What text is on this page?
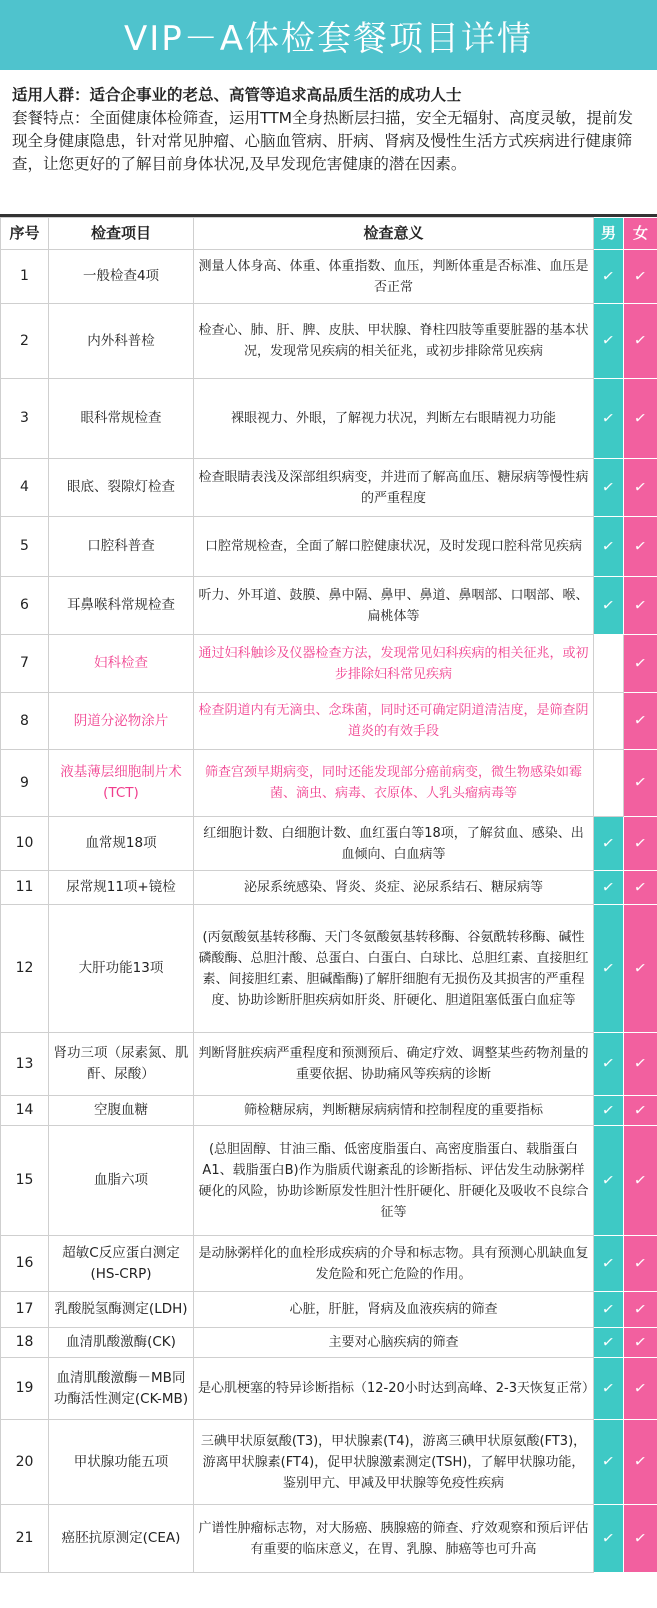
VIP－A体检套餐项目详情
适用人群：适合企事业的老总、高管等追求高品质生活的成功人士
套餐特点：全面健康体检筛查，运用TTM全身热断层扫描，安全无辐射、高度灵敏，提前发现全身健康隐患，针对常见肿瘤、心脑血管病、肝病、肾病及慢性生活方式疾病进行健康筛查，让您更好的了解目前身体状况,及早发现危害健康的潜在因素。
序号	检查项目	检查意义	男	女
1	一般检查4项	测量人体身高、体重、体重指数、血压，判断体重是否标准、血压是否正常	✓	✓
2	内外科普检	检查心、肺、肝、脾、皮肤、甲状腺、脊柱四肢等重要脏器的基本状况，发现常见疾病的相关征兆，或初步排除常见疾病	✓	✓
3	眼科常规检查	裸眼视力、外眼，了解视力状况，判断左右眼睛视力功能	✓	✓
4	眼底、裂隙灯检查	检查眼睛表浅及深部组织病变，并进而了解高血压、糖尿病等慢性病的严重程度	✓	✓
5	口腔科普查	口腔常规检查，全面了解口腔健康状况，及时发现口腔科常见疾病	✓	✓
6	耳鼻喉科常规检查	听力、外耳道、鼓膜、鼻中隔、鼻甲、鼻道、鼻咽部、口咽部、喉、扁桃体等	✓	✓
7	妇科检查	通过妇科触诊及仪器检查方法，发现常见妇科疾病的相关征兆，或初步排除妇科常见疾病		✓
8	阴道分泌物涂片	检查阴道内有无滴虫、念珠菌，同时还可确定阴道清洁度，是筛查阴道炎的有效手段		✓
9	液基薄层细胞制片术(TCT)	筛查宫颈早期病变，同时还能发现部分癌前病变，微生物感染如霉菌、滴虫、病毒、衣原体、人乳头瘤病毒等		✓
10	血常规18项	红细胞计数、白细胞计数、血红蛋白等18项，了解贫血、感染、出血倾向、白血病等	✓	✓
11	尿常规11项+镜检	泌尿系统感染、肾炎、炎症、泌尿系结石、糖尿病等	✓	✓
12	大肝功能13项	(丙氨酸氨基转移酶、天门冬氨酸氨基转移酶、谷氨酰转移酶、碱性磷酸酶、总胆汁酸、总蛋白、白蛋白、白球比、总胆红素、直接胆红素、间接胆红素、胆碱酯酶)了解肝细胞有无损伤及其损害的严重程度、协助诊断肝胆疾病如肝炎、肝硬化、胆道阻塞低蛋白血症等	✓	✓
13	肾功三项（尿素氮、肌酐、尿酸）	判断肾脏疾病严重程度和预测预后、确定疗效、调整某些药物剂量的重要依据、协助痛风等疾病的诊断	✓	✓
14	空腹血糖	筛检糖尿病，判断糖尿病病情和控制程度的重要指标	✓	✓
15	血脂六项	(总胆固醇、甘油三酯、低密度脂蛋白、高密度脂蛋白、载脂蛋白A1、载脂蛋白B)作为脂质代谢紊乱的诊断指标、评估发生动脉粥样硬化的风险，协助诊断原发性胆汁性肝硬化、肝硬化及吸收不良综合征等	✓	✓
16	超敏C反应蛋白测定(HS-CRP)	是动脉粥样化的血栓形成疾病的介导和标志物。具有预测心肌缺血复发危险和死亡危险的作用。	✓	✓
17	乳酸脱氢酶测定(LDH)	心脏，肝脏，肾病及血液疾病的筛查	✓	✓
18	血清肌酸激酶(CK)	主要对心脑疾病的筛查	✓	✓
19	血清肌酸激酶－MB同功酶活性测定(CK-MB)	是心肌梗塞的特异诊断指标（12-20小时达到高峰、2-3天恢复正常）	✓	✓
20	甲状腺功能五项	三碘甲状原氨酸(T3)，甲状腺素(T4)，游离三碘甲状原氨酸(FT3)，游离甲状腺素(FT4)，促甲状腺激素测定(TSH)，了解甲状腺功能，鉴别甲亢、甲减及甲状腺等免疫性疾病	✓	✓
21	癌胚抗原测定(CEA)	广谱性肿瘤标志物，对大肠癌、胰腺癌的筛查、疗效观察和预后评估有重要的临床意义，在胃、乳腺、肺癌等也可升高	✓	✓
